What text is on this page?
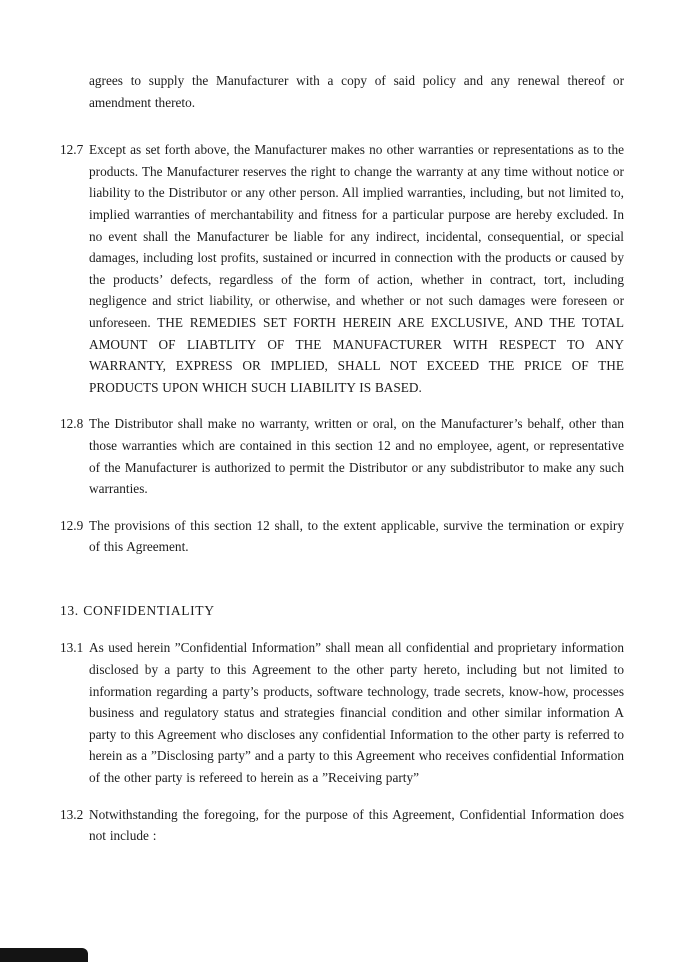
agrees to supply the Manufacturer with a copy of said policy and any renewal thereof or amendment thereto.

12.7 Except as set forth above, the Manufacturer makes no other warranties or representations as to the products. The Manufacturer reserves the right to change the warranty at any time without notice or liability to the Distributor or any other person. All implied warranties, including, but not limited to, implied warranties of merchantability and fitness for a particular purpose are hereby excluded. In no event shall the Manufacturer be liable for any indirect, incidental, consequential, or special damages, including lost profits, sustained or incurred in connection with the products or caused by the products’ defects, regardless of the form of action, whether in contract, tort, including negligence and strict liability, or otherwise, and whether or not such damages were foreseen or unforeseen. THE REMEDIES SET FORTH HEREIN ARE EXCLUSIVE, AND THE TOTAL AMOUNT OF LIABTLITY OF THE MANUFACTURER WITH RESPECT TO ANY WARRANTY, EXPRESS OR IMPLIED, SHALL NOT EXCEED THE PRICE OF THE PRODUCTS UPON WHICH SUCH LIABILITY IS BASED.

12.8 The Distributor shall make no warranty, written or oral, on the Manufacturer’s behalf, other than those warranties which are contained in this section 12 and no employee, agent, or representative of the Manufacturer is authorized to permit the Distributor or any subdistributor to make any such warranties.

12.9 The provisions of this section 12 shall, to the extent applicable, survive the termination or expiry of this Agreement.

13. CONFIDENTIALITY

13.1 As used herein ”Confidential Information” shall mean all confidential and proprietary information disclosed by a party to this Agreement to the other party hereto, including but not limited to information regarding a party’s products, software technology, trade secrets, know-how, processes business and regulatory status and strategies financial condition and other similar information A party to this Agreement who discloses any confidential Information to the other party is referred to herein as a ”Disclosing party” and a party to this Agreement who receives confidential Information of the other party is refereed to herein as a ”Receiving party”

13.2 Notwithstanding the foregoing, for the purpose of this Agreement, Confidential Information does not include :
